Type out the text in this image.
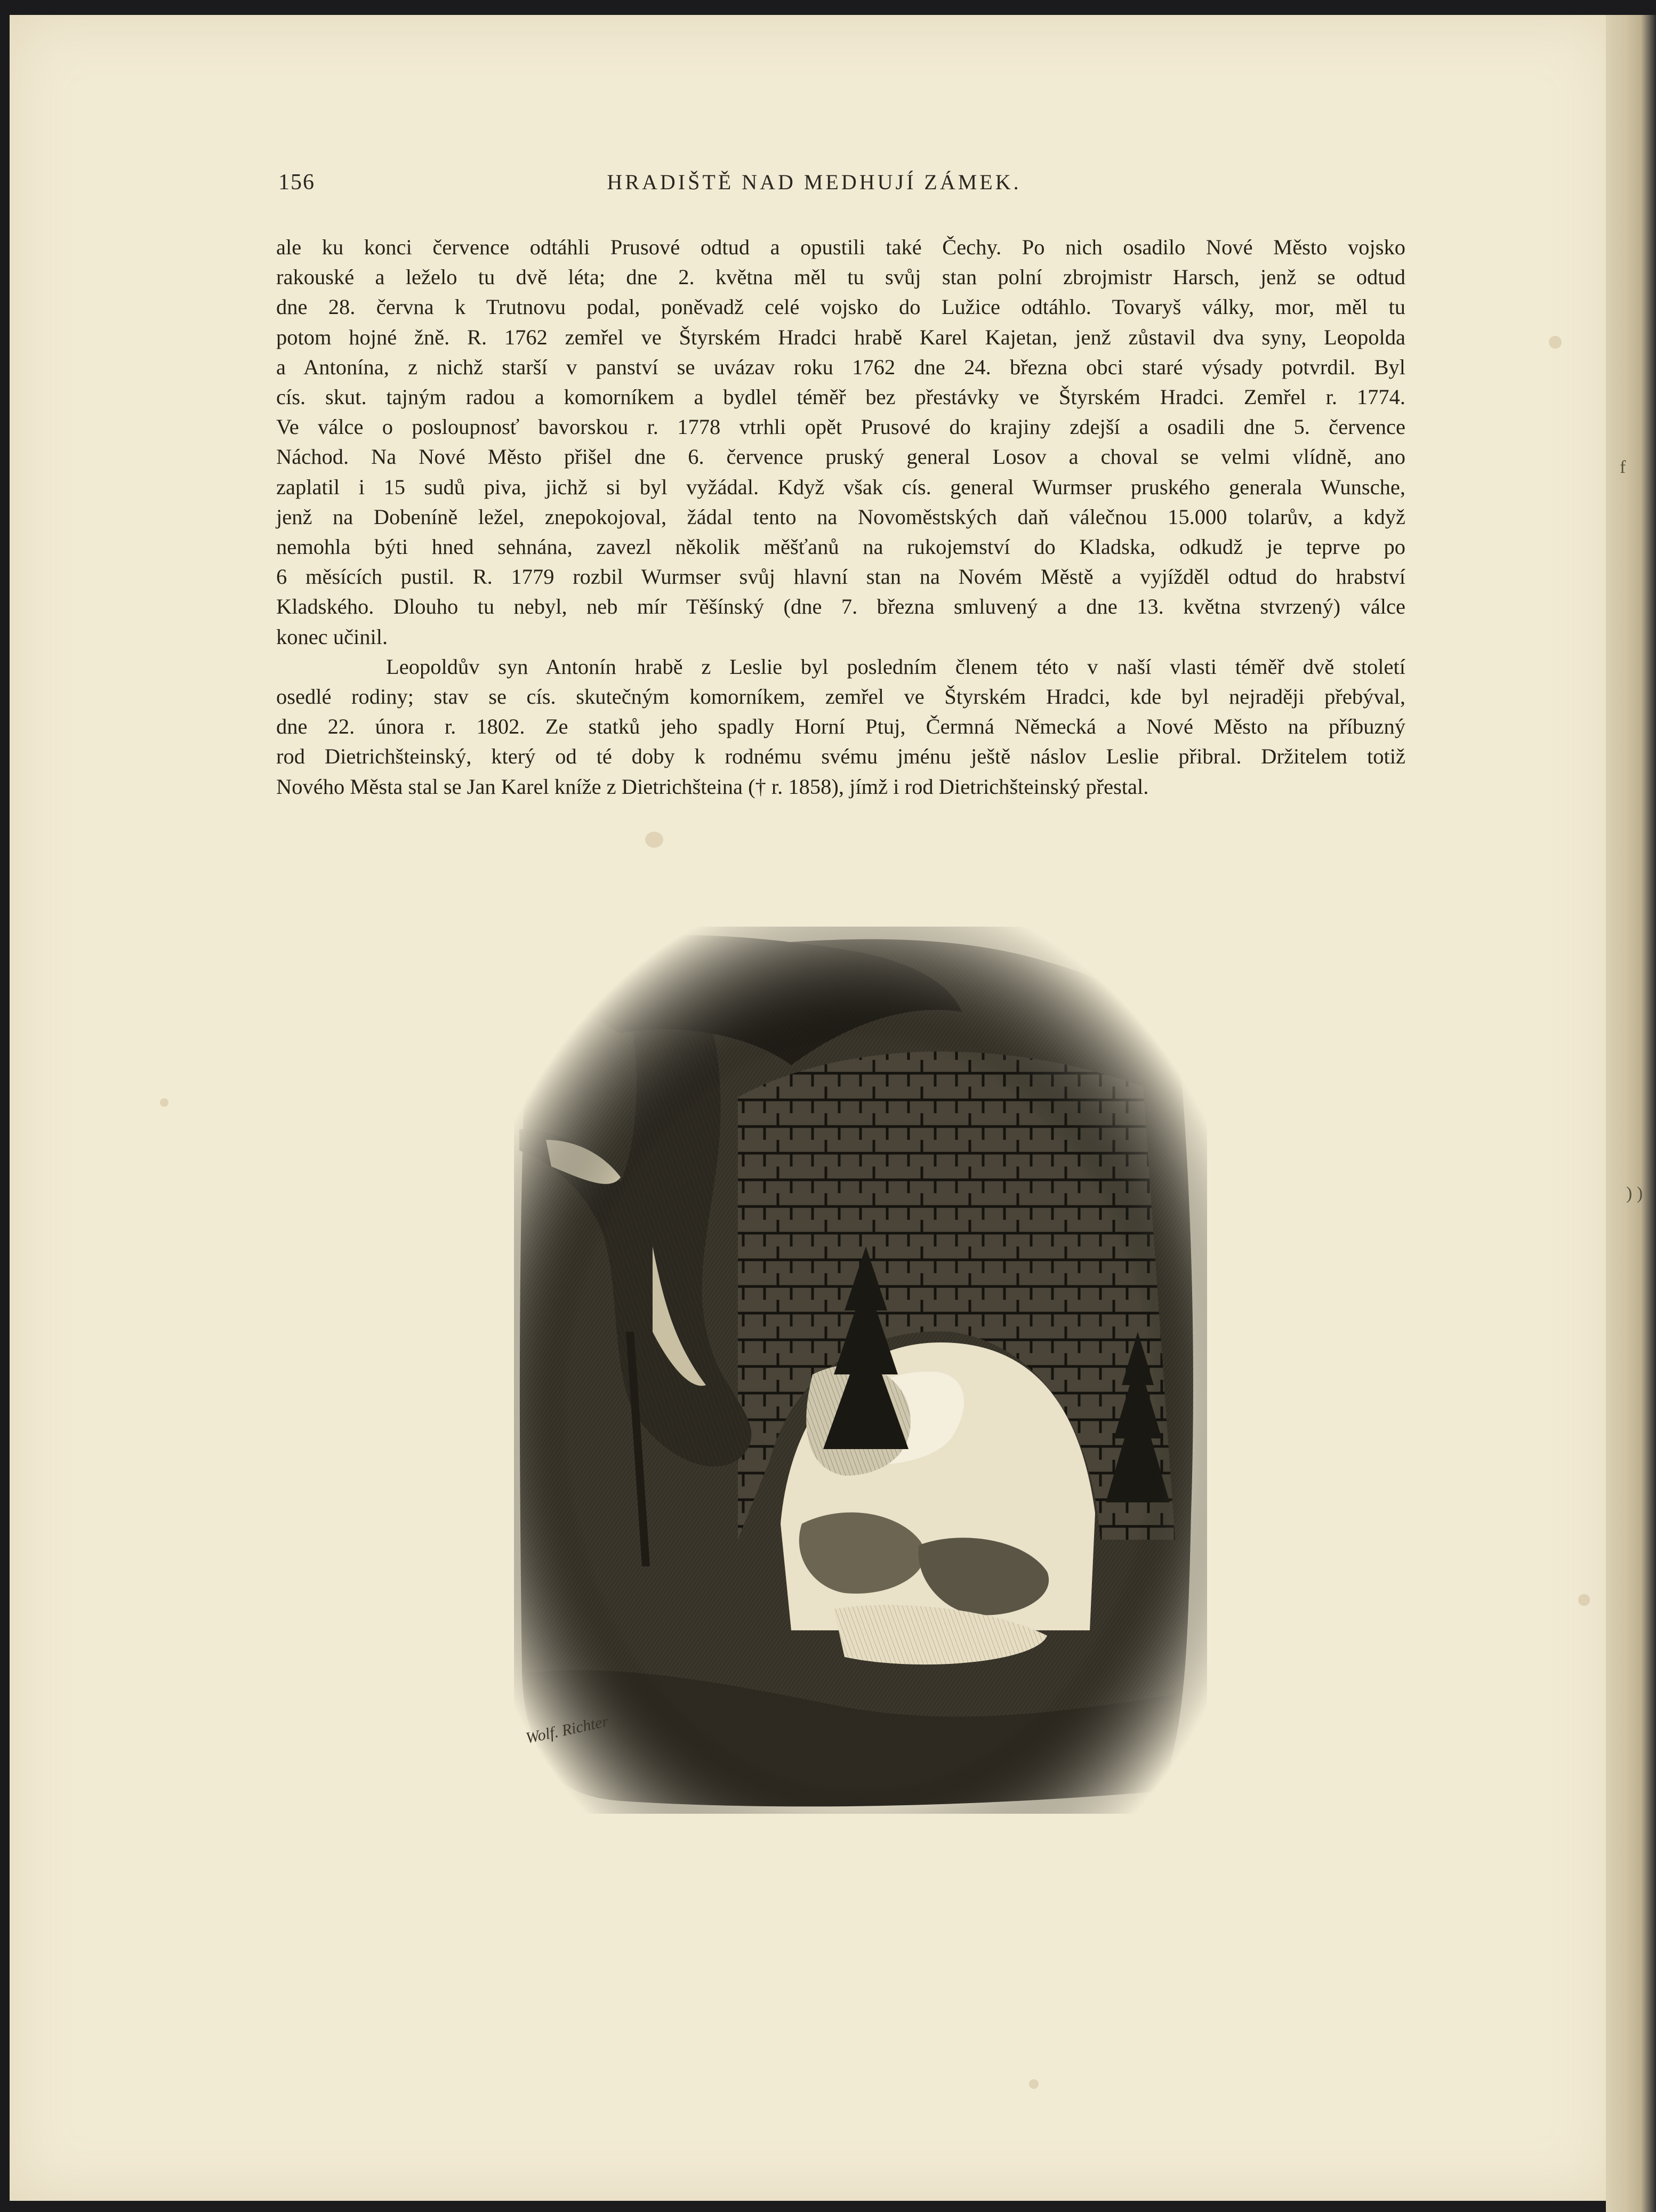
156	HRADIŠTĚ NAD MEDHUJÍ ZÁMEK.

ale ku konci července odtáhli Prusové odtud a opustili také Čechy. Po nich osadilo Nové Město vojsko
rakouské a leželo tu dvě léta; dne 2. května měl tu svůj stan polní zbrojmistr Harsch, jenž se odtud
dne 28. června k Trutnovu podal, poněvadž celé vojsko do Lužice odtáhlo. Tovaryš války, mor, měl tu
potom hojné žně. R. 1762 zemřel ve Štyrském Hradci hrabě Karel Kajetan, jenž zůstavil dva syny, Leopolda
a Antonína, z nichž starší v panství se uvázav roku 1762 dne 24. března obci staré výsady potvrdil. Byl
cís. skut. tajným radou a komorníkem a bydlel téměř bez přestávky ve Štyrském Hradci. Zemřel r. 1774.
Ve válce o posloupnosť bavorskou r. 1778 vtrhli opět Prusové do krajiny zdejší a osadili dne 5. července
Náchod. Na Nové Město přišel dne 6. července pruský general Losov a choval se velmi vlídně, ano
zaplatil i 15 sudů piva, jichž si byl vyžádal. Když však cís. general Wurmser pruského generala Wunsche,
jenž na Dobeníně ležel, znepokojoval, žádal tento na Novoměstských daň válečnou 15.000 tolarův, a když
nemohla býti hned sehnána, zavezl několik měšťanů na rukojemství do Kladska, odkudž je teprve po
6 měsících pustil. R. 1779 rozbil Wurmser svůj hlavní stan na Novém Městě a vyjížděl odtud do hrabství
Kladského. Dlouho tu nebyl, neb mír Těšínský (dne 7. března smluvený a dne 13. května stvrzený) válce
konec učinil.

Leopoldův syn Antonín hrabě z Leslie byl posledním členem této v naší vlasti téměř dvě století
osedlé rodiny; stav se cís. skutečným komorníkem, zemřel ve Štyrském Hradci, kde byl nejraději přebýval,
dne 22. února r. 1802. Ze statků jeho spadly Horní Ptuj, Čermná Německá a Nové Město na příbuzný
rod Dietrichšteinský, který od té doby k rodnému svému jménu ještě náslov Leslie přibral. Držitelem totiž
Nového Města stal se Jan Karel kníže z Dietrichšteina († r. 1858), jímž i rod Dietrichšteinský přestal.

Wolf. Richter
f
) )
